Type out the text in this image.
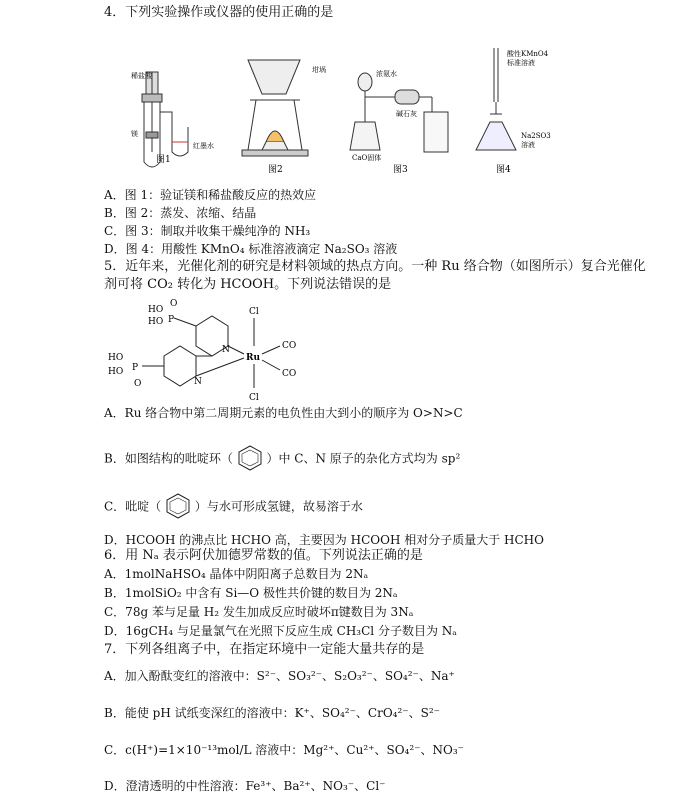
4．下列实验操作或仪器的使用正确的是
稀盐酸
镁
红墨水
图1
坩埚
图2
浓氨水
碱石灰
CaO固体
图3
酸性KMnO4
标准溶液
Na2SO3
溶液
图4
A．图 1：验证镁和稀盐酸反应的热效应
B．图 2：蒸发、浓缩、结晶
C．图 3：制取并收集干燥纯净的 NH₃
D．图 4：用酸性 KMnO₄ 标准溶液滴定 Na₂SO₃ 溶液
5．近年来，光催化剂的研究是材料领域的热点方向。一种 Ru 络合物（如图所示）复合光催化
剂可将 CO₂ 转化为 HCOOH。下列说法错误的是
HO
HO P
O
N
Ru
Cl
Cl
CO
CO
HO
HO P
O	N
A．Ru 络合物中第二周期元素的电负性由大到小的顺序为 O>N>C
B．如图结构的吡啶环（	）中 C、N 原子的杂化方式均为 sp²
C．吡啶（	）与水可形成氢键，故易溶于水
D．HCOOH 的沸点比 HCHO 高，主要因为 HCOOH 相对分子质量大于 HCHO
6．用 Nₐ 表示阿伏加德罗常数的值。下列说法正确的是
A．1molNaHSO₄ 晶体中阴阳离子总数目为 2Nₐ
B．1molSiO₂ 中含有 Si—O 极性共价键的数目为 2Nₐ
C．78g 苯与足量 H₂ 发生加成反应时破坏π键数目为 3Nₐ
D．16gCH₄ 与足量氯气在光照下反应生成 CH₃Cl 分子数目为 Nₐ
7．下列各组离子中，在指定环境中一定能大量共存的是
A．加入酚酞变红的溶液中：S²⁻、SO₃²⁻、S₂O₃²⁻、SO₄²⁻、Na⁺
B．能使 pH 试纸变深红的溶液中：K⁺、SO₄²⁻、CrO₄²⁻、S²⁻
C．c(H⁺)=1×10⁻¹³mol/L 溶液中：Mg²⁺、Cu²⁺、SO₄²⁻、NO₃⁻
D．澄清透明的中性溶液：Fe³⁺、Ba²⁺、NO₃⁻、Cl⁻
